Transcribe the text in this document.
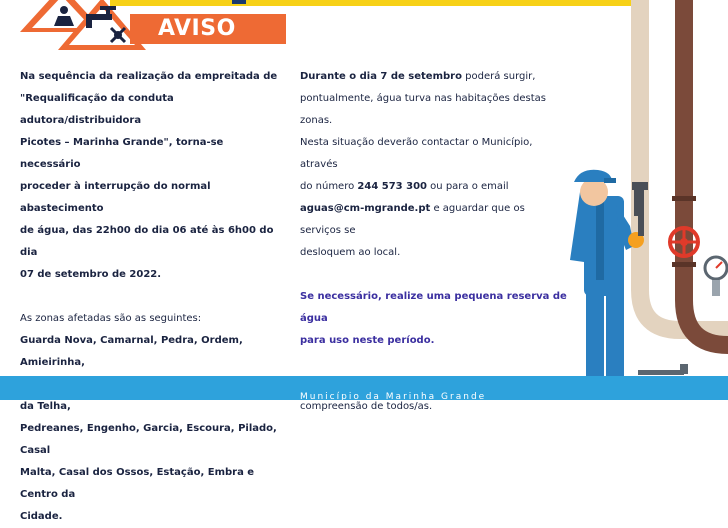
AVISO
Na sequência da realização da empreitada de
"Requalificação da conduta adutora/distribuidora
Picotes – Marinha Grande", torna-se necessário
proceder à interrupção do normal abastecimento
de água, das 22h00 do dia 06 até às 6h00 do dia
07 de setembro de 2022.
As zonas afetadas são as seguintes:
Guarda Nova, Camarnal, Pedra, Ordem, Amieirinha,
da Telha,
Pedreanes, Engenho, Garcia, Escoura, Pilado, Casal
Malta, Casal dos Ossos, Estação, Embra e Centro da
Cidade.
Durante o dia 7 de setembro poderá surgir,
pontualmente, água turva nas habitações destas zonas.
Nesta situação deverão contactar o Município, através
do número 244 573 300 ou para o email
aguas@cm-mgrande.pt e aguardar que os serviços se
desloquem ao local.
Se necessário, realize uma pequena reserva de água
para uso neste período.
compreensão de todos/as.
Município da Marinha Grande
